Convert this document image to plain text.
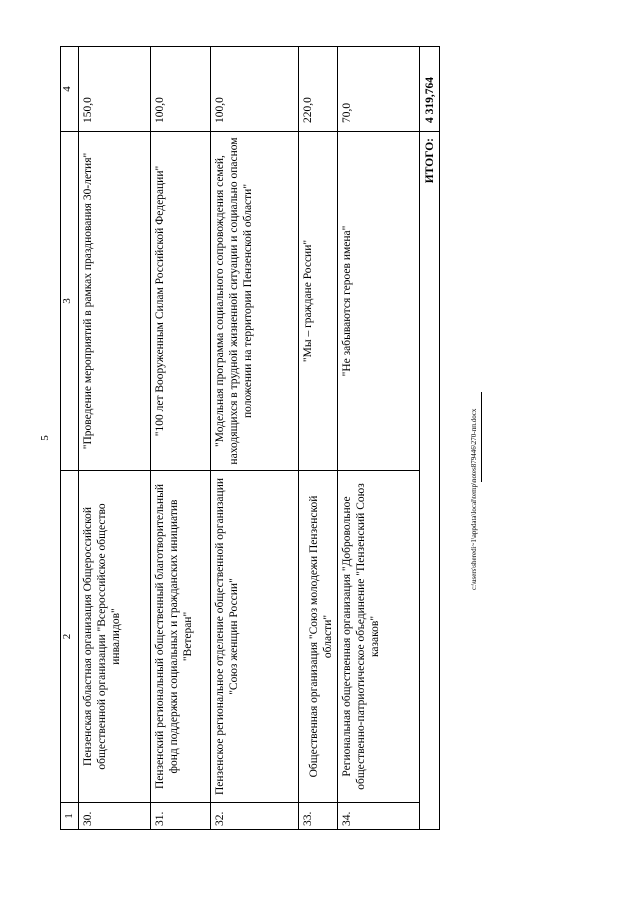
5
1	2	3	4
30.	Пензенская областная организация Общероссийской общественной организации "Всероссийское общество инвалидов"	"Проведение мероприятий в рамках празднования 30-летия"	150,0
31.	Пензенский региональный общественный благотворительный фонд поддержки социальных и гражданских инициатив "Ветеран"	"100 лет Вооруженным Силам Российской Федерации"	100,0
32.	Пензенское региональное отделение общественной организации "Союз женщин России"	"Модельная программа социального сопровождения семей, находящихся в трудной жизненной ситуации и социально опасном положении на территории Пензенской области"	100,0
33.	Общественная организация "Союз молодежи Пензенской области"	"Мы – граждане России"	220,0
34.	Региональная общественная организация "Добровольное общественно-патриотическое объединение "Пензенский Союз казаков"	"Не забываются героев имена"	70,0
ИТОГО:			4 319,764
c:\users\sheredi~1\appdata\local\temp\notes879446\270-пп.docx
